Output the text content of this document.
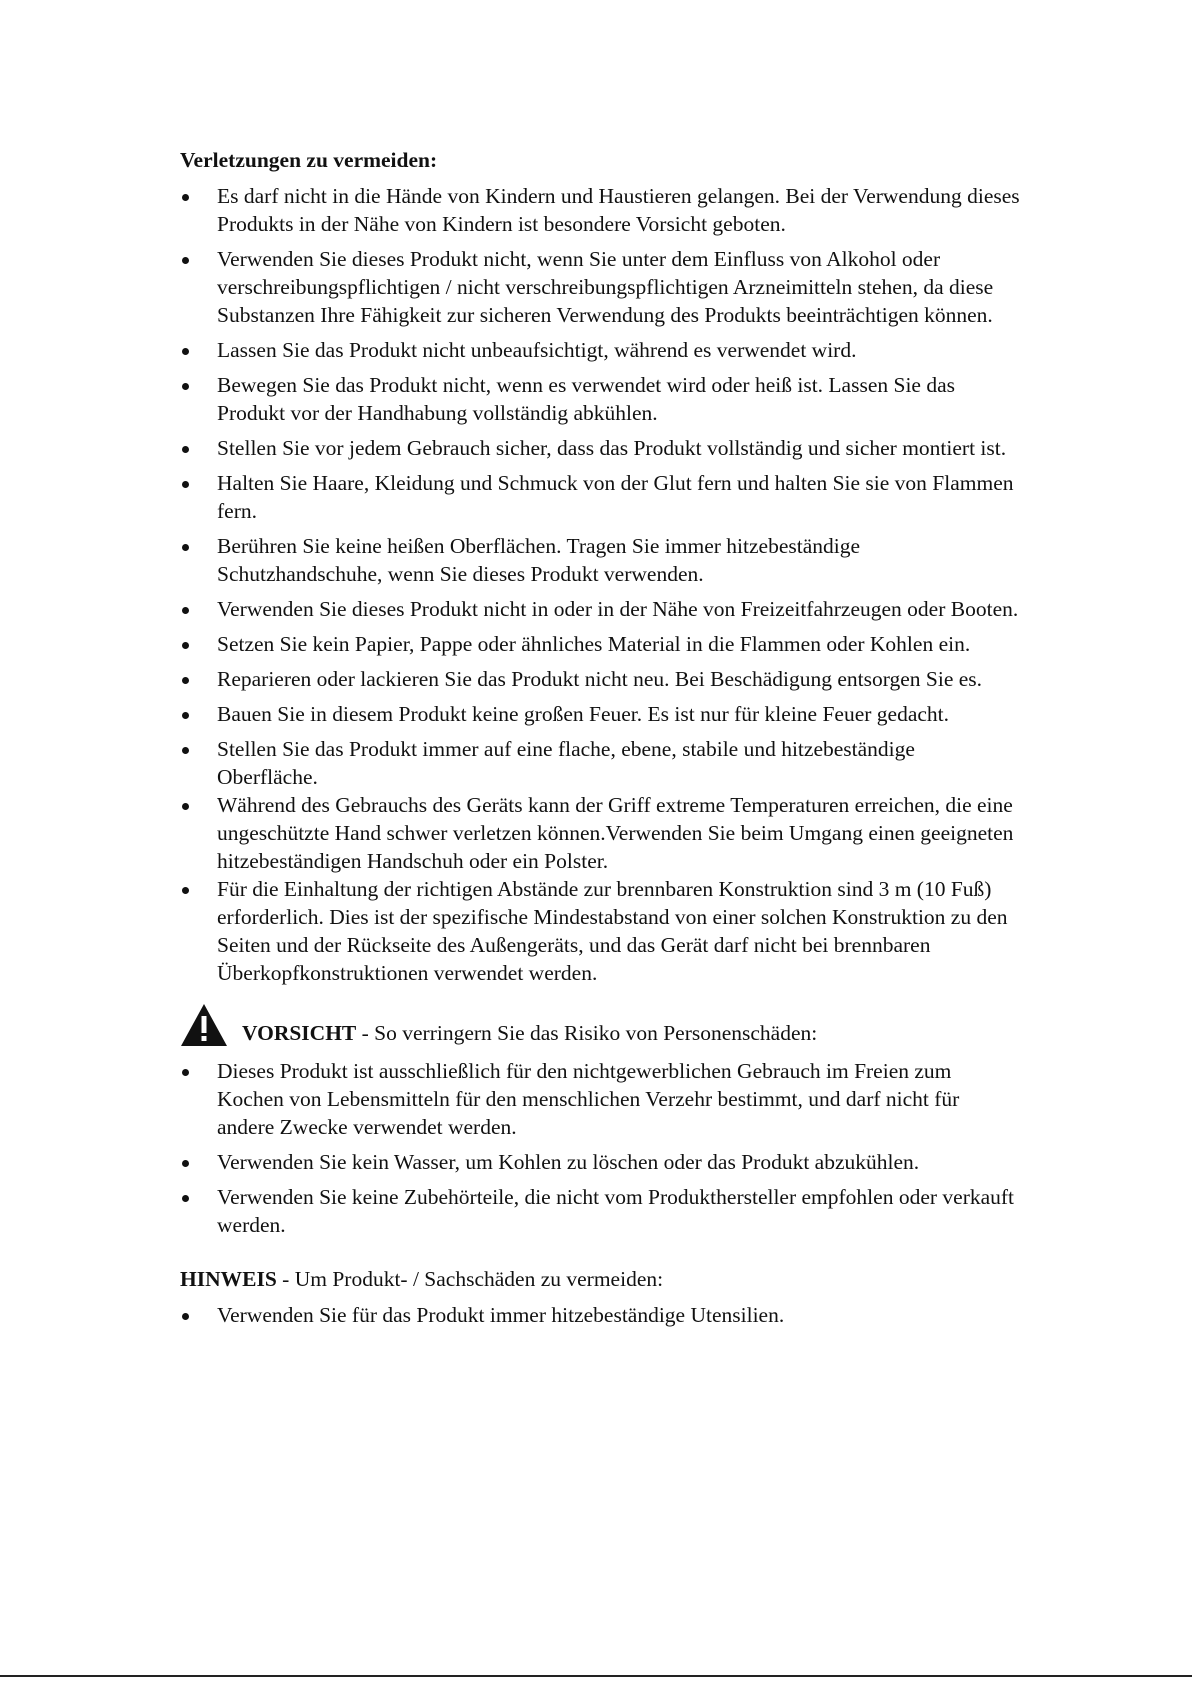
Verletzungen zu vermeiden:
Es darf nicht in die Hände von Kindern und Haustieren gelangen. Bei der Verwendung dieses Produkts in der Nähe von Kindern ist besondere Vorsicht geboten.
Verwenden Sie dieses Produkt nicht, wenn Sie unter dem Einfluss von Alkohol oder verschreibungspflichtigen / nicht verschreibungspflichtigen Arzneimitteln stehen, da diese Substanzen Ihre Fähigkeit zur sicheren Verwendung des Produkts beeinträchtigen können.
Lassen Sie das Produkt nicht unbeaufsichtigt, während es verwendet wird.
Bewegen Sie das Produkt nicht, wenn es verwendet wird oder heiß ist. Lassen Sie das Produkt vor der Handhabung vollständig abkühlen.
Stellen Sie vor jedem Gebrauch sicher, dass das Produkt vollständig und sicher montiert ist.
Halten Sie Haare, Kleidung und Schmuck von der Glut fern und halten Sie sie von Flammen fern.
Berühren Sie keine heißen Oberflächen. Tragen Sie immer hitzebeständige Schutzhandschuhe, wenn Sie dieses Produkt verwenden.
Verwenden Sie dieses Produkt nicht in oder in der Nähe von Freizeitfahrzeugen oder Booten.
Setzen Sie kein Papier, Pappe oder ähnliches Material in die Flammen oder Kohlen ein.
Reparieren oder lackieren Sie das Produkt nicht neu. Bei Beschädigung entsorgen Sie es.
Bauen Sie in diesem Produkt keine großen Feuer. Es ist nur für kleine Feuer gedacht.
Stellen Sie das Produkt immer auf eine flache, ebene, stabile und hitzebeständige Oberfläche.
Während des Gebrauchs des Geräts kann der Griff extreme Temperaturen erreichen, die eine ungeschützte Hand schwer verletzen können.Verwenden Sie beim Umgang einen geeigneten hitzebeständigen Handschuh oder ein Polster.
Für die Einhaltung der richtigen Abstände zur brennbaren Konstruktion sind 3 m (10 Fuß) erforderlich. Dies ist der spezifische Mindestabstand von einer solchen Konstruktion zu den Seiten und der Rückseite des Außengeräts, und das Gerät darf nicht bei brennbaren Überkopfkonstruktionen verwendet werden.
VORSICHT - So verringern Sie das Risiko von Personenschäden:
Dieses Produkt ist ausschließlich für den nichtgewerblichen Gebrauch im Freien zum Kochen von Lebensmitteln für den menschlichen Verzehr bestimmt, und darf nicht für andere Zwecke verwendet werden.
Verwenden Sie kein Wasser, um Kohlen zu löschen oder das Produkt abzukühlen.
Verwenden Sie keine Zubehörteile, die nicht vom Produkthersteller empfohlen oder verkauft werden.
HINWEIS - Um Produkt- / Sachschäden zu vermeiden:
Verwenden Sie für das Produkt immer hitzebeständige Utensilien.
